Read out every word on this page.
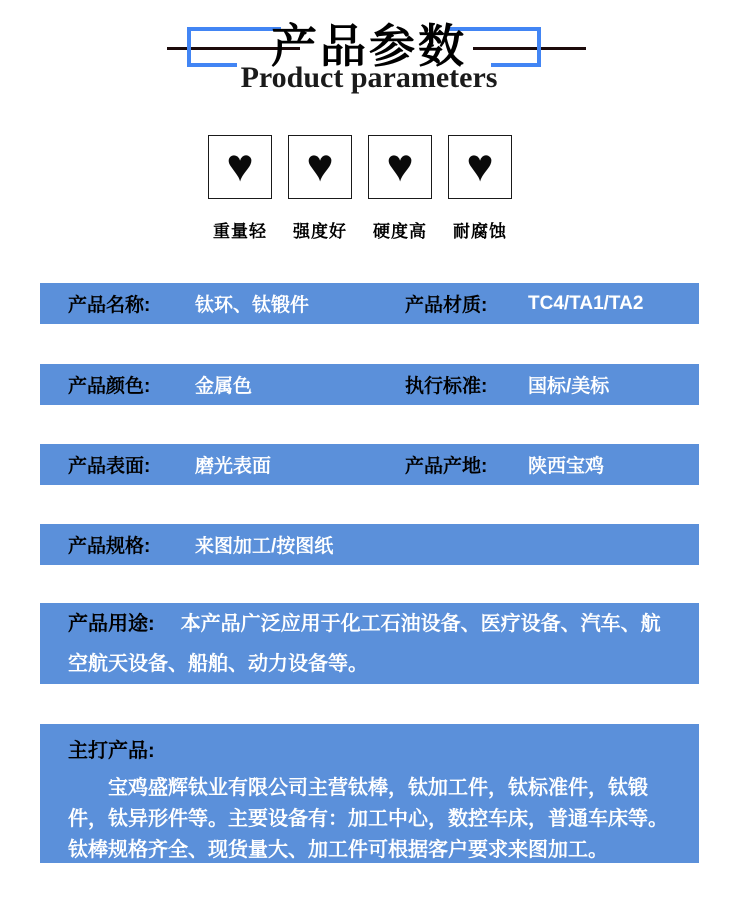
产品参数
Product parameters
♥
重量轻
♥
强度好
♥
硬度高
♥
耐腐蚀
产品名称:	钛环、钛锻件	产品材质:	TC4/TA1/TA2
产品颜色:	金属色	执行标准:	国标/美标
产品表面:	磨光表面	产品产地:	陕西宝鸡
产品规格:	来图加工/按图纸
产品用途: 本产品广泛应用于化工石油设备、医疗设备、汽车、航空航天设备、船舶、动力设备等。
主打产品:
宝鸡盛辉钛业有限公司主营钛棒，钛加工件，钛标准件，钛锻件，钛异形件等。主要设备有：加工中心，数控车床，普通车床等。钛棒规格齐全、现货量大、加工件可根据客户要求来图加工。
